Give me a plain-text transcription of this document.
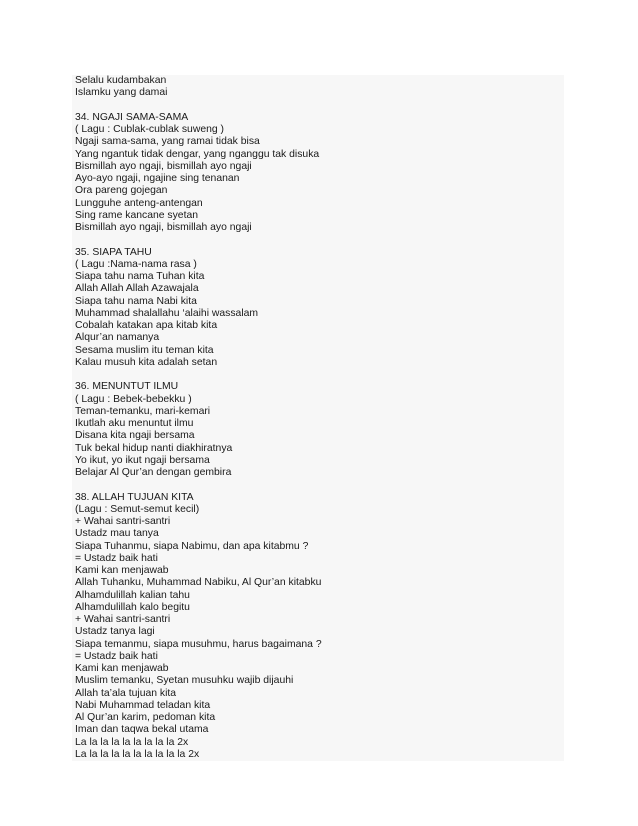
Selalu kudambakan
Islamku yang damai
34. NGAJI SAMA-SAMA
( Lagu : Cublak-cublak suweng )
Ngaji sama-sama, yang ramai tidak bisa
Yang ngantuk tidak dengar, yang nganggu tak disuka
Bismillah ayo ngaji, bismillah ayo ngaji
Ayo-ayo ngaji, ngajine sing tenanan
Ora pareng gojegan
Lungguhe anteng-antengan
Sing rame kancane syetan
Bismillah ayo ngaji, bismillah ayo ngaji
35. SIAPA TAHU
( Lagu :Nama-nama rasa )
Siapa tahu nama Tuhan kita
Allah Allah Allah Azawajala
Siapa tahu nama Nabi kita
Muhammad shalallahu ‘alaihi wassalam
Cobalah katakan apa kitab kita
Alqur’an namanya
Sesama muslim itu teman kita
Kalau musuh kita adalah setan
36. MENUNTUT ILMU
( Lagu : Bebek-bebekku )
Teman-temanku, mari-kemari
Ikutlah aku menuntut ilmu
Disana kita ngaji bersama
Tuk bekal hidup nanti diakhiratnya
Yo ikut, yo ikut ngaji bersama
Belajar Al Qur’an dengan gembira
38. ALLAH TUJUAN KITA
(Lagu : Semut-semut kecil)
+ Wahai santri-santri
Ustadz mau tanya
Siapa Tuhanmu, siapa Nabimu, dan apa kitabmu ?
= Ustadz baik hati
Kami kan menjawab
Allah Tuhanku, Muhammad Nabiku, Al Qur’an kitabku
Alhamdulillah kalian tahu
Alhamdulillah kalo begitu
+ Wahai santri-santri
Ustadz tanya lagi
Siapa temanmu, siapa musuhmu, harus bagaimana ?
= Ustadz baik hati
Kami kan menjawab
Muslim temanku, Syetan musuhku wajib dijauhi
Allah ta’ala tujuan kita
Nabi Muhammad teladan kita
Al Qur’an karim, pedoman kita
Iman dan taqwa bekal utama
La la la la la la la la la 2x
La la la la la la la la la la 2x
